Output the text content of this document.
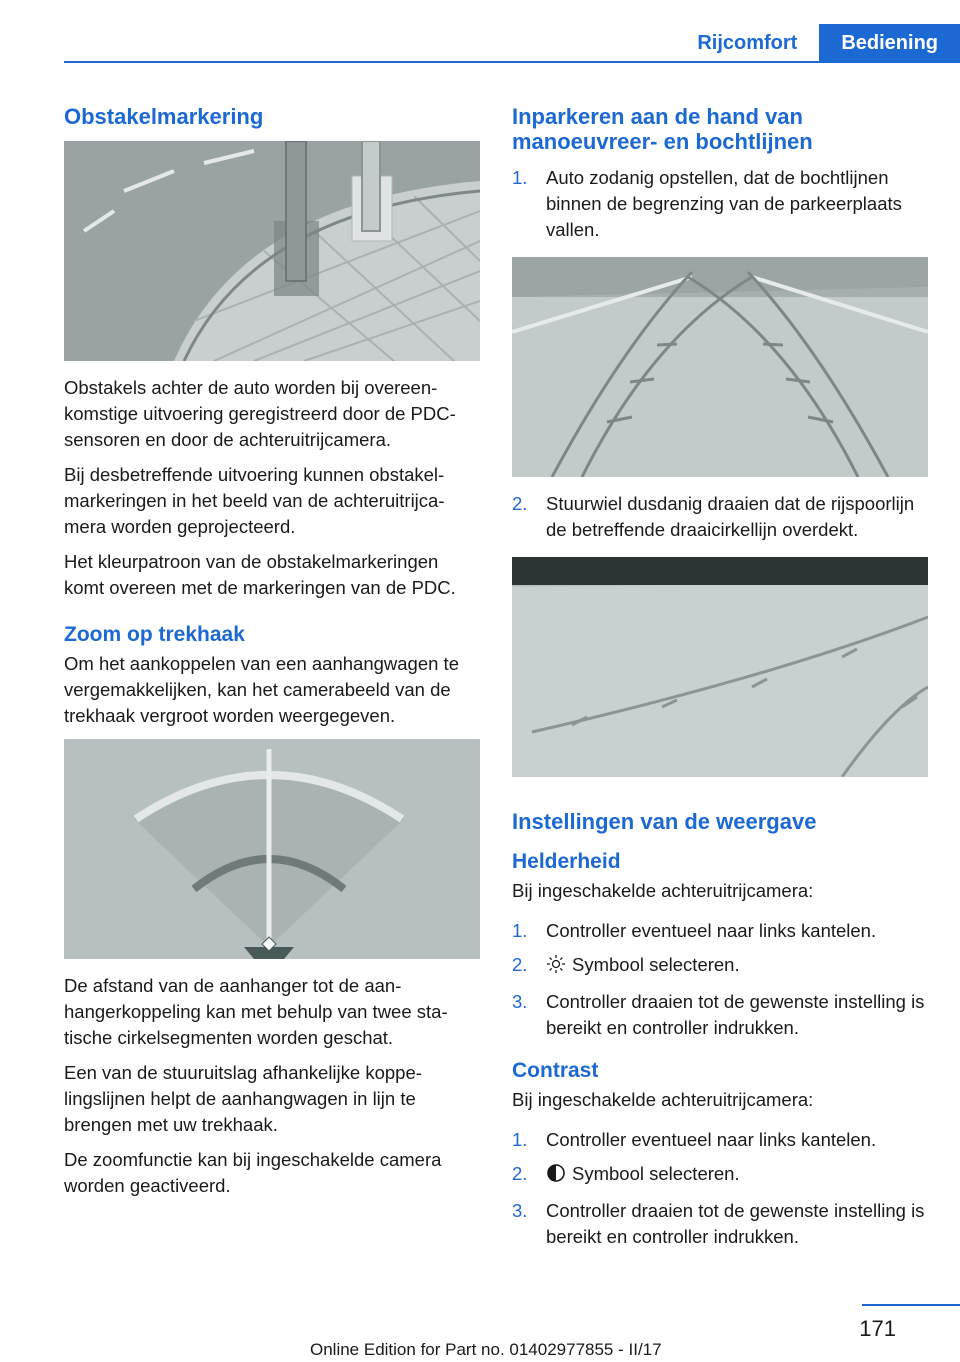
Rijcomfort	Bediening
Obstakelmarkering

Obstakels achter de auto worden bij overeenkomstige uitvoering geregistreerd door de PDC-sensoren en door de achteruitrijcamera.

Bij desbetreffende uitvoering kunnen obstakelmarkeringen in het beeld van de achteruitrijcamera worden geprojecteerd.

Het kleurpatroon van de obstakelmarkeringen komt overeen met de markeringen van de PDC.

Zoom op trekhaak

Om het aankoppelen van een aanhangwagen te vergemakkelijken, kan het camerabeeld van de trekhaak vergroot worden weergegeven.

De afstand van de aanhanger tot de aanhangerkoppeling kan met behulp van twee statische cirkelsegmenten worden geschat.

Een van de stuuruitslag afhankelijke koppelingslijnen helpt de aanhangwagen in lijn te brengen met uw trekhaak.

De zoomfunctie kan bij ingeschakelde camera worden geactiveerd.

Inparkeren aan de hand van manoeuvreer- en bochtlijnen
1. Auto zodanig opstellen, dat de bochtlijnen binnen de begrenzing van de parkeerplaats vallen.
2. Stuurwiel dusdanig draaien dat de rijspoorlijn de betreffende draaicirkellijn overdekt.
Instellingen van de weergave
Helderheid

Bij ingeschakelde achteruitrijcamera:

1. Controller eventueel naar links kantelen.
2. Symbool selecteren.
3. Controller draaien tot de gewenste instelling is bereikt en controller indrukken.
Contrast

Bij ingeschakelde achteruitrijcamera:

1. Controller eventueel naar links kantelen.
2. Symbool selecteren.
3. Controller draaien tot de gewenste instelling is bereikt en controller indrukken.
171
Online Edition for Part no. 01402977855 - II/17
